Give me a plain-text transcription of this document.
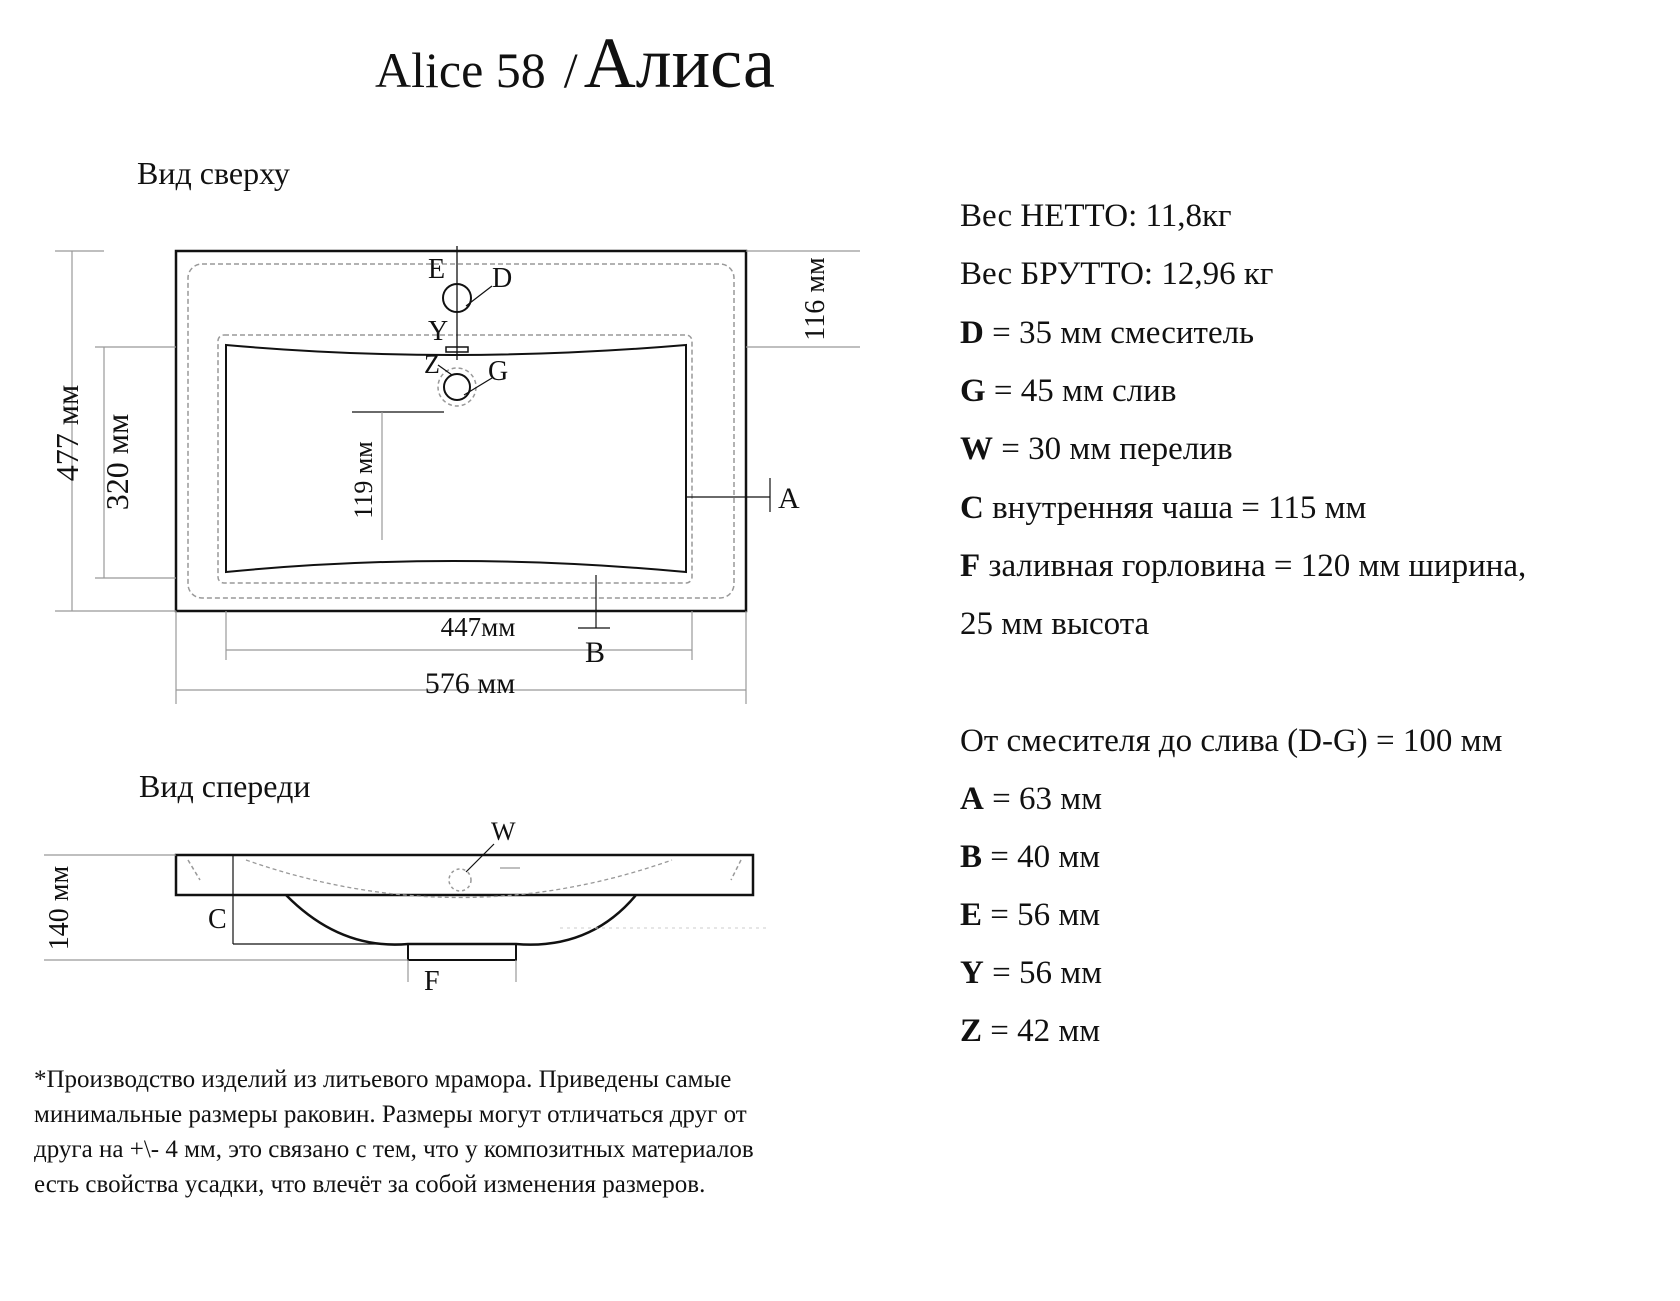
Alice 58 /Алиса
Вид сверху
Вид спереди
477 мм 320 мм	119 мм
116 мм
447мм
576 мм
E D
Y
Z G
A
B
140 мм
W
C
F
Вес НЕТТО: 11,8кг
Вес БРУТТО: 12,96 кг
D = 35 мм смеситель
G = 45 мм слив
W = 30 мм перелив
C внутренняя чаша = 115 мм
F заливная горловина = 120 мм ширина,
25 мм высота
От смесителя до слива (D-G) = 100 мм
A = 63 мм
B = 40 мм
E = 56 мм
Y = 56 мм
Z = 42 мм
*Производство изделий из литьевого мрамора. Приведены самые
минимальные размеры раковин. Размеры могут отличаться друг от
друга на +\- 4 мм, это связано с тем, что у композитных материалов
есть свойства усадки, что влечёт за собой изменения размеров.
